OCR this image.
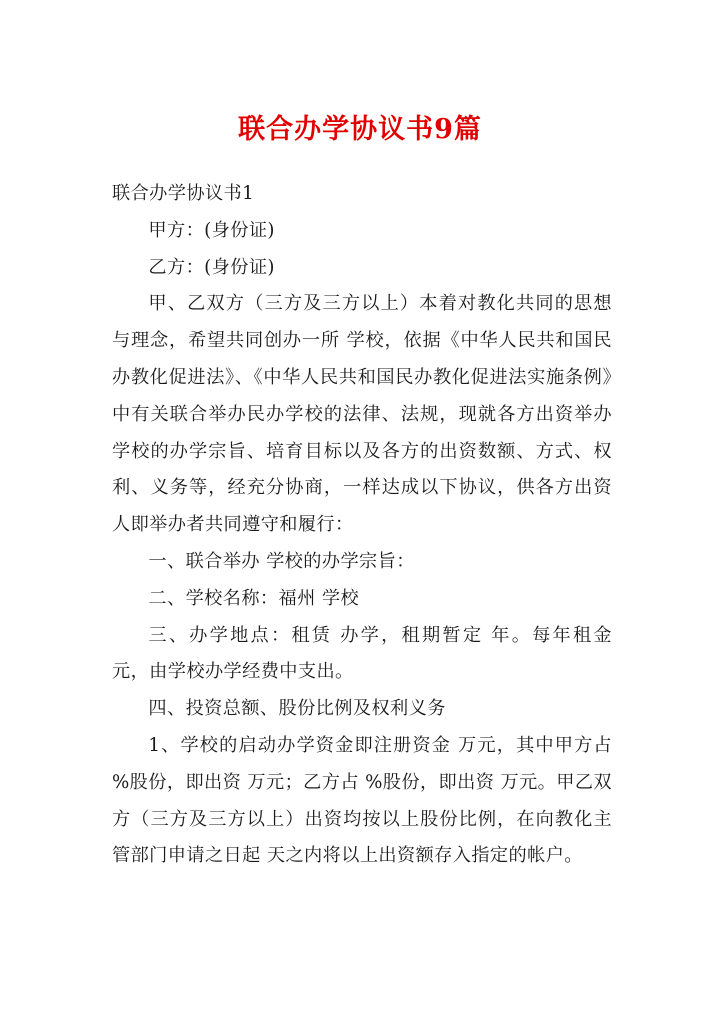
联合办学协议书9篇

联合办学协议书1

甲方：(身份证)

乙方：(身份证)

甲、乙双方（三方及三方以上）本着对教化共同的思想与理念，希望共同创办一所 学校，依据《中华人民共和国民办教化促进法》、《中华人民共和国民办教化促进法实施条例》中有关联合举办民办学校的法律、法规，现就各方出资举办 学校的办学宗旨、培育目标以及各方的出资数额、方式、权利、义务等，经充分协商，一样达成以下协议，供各方出资人即举办者共同遵守和履行：

一、联合举办 学校的办学宗旨：

二、学校名称：福州 学校

三、办学地点：租赁 办学，租期暂定 年。每年租金 元，由学校办学经费中支出。

四、投资总额、股份比例及权利义务

1、学校的启动办学资金即注册资金 万元，其中甲方占 %股份，即出资 万元；乙方占 %股份，即出资 万元。甲乙双方（三方及三方以上）出资均按以上股份比例，在向教化主管部门申请之日起 天之内将以上出资额存入指定的帐户。
